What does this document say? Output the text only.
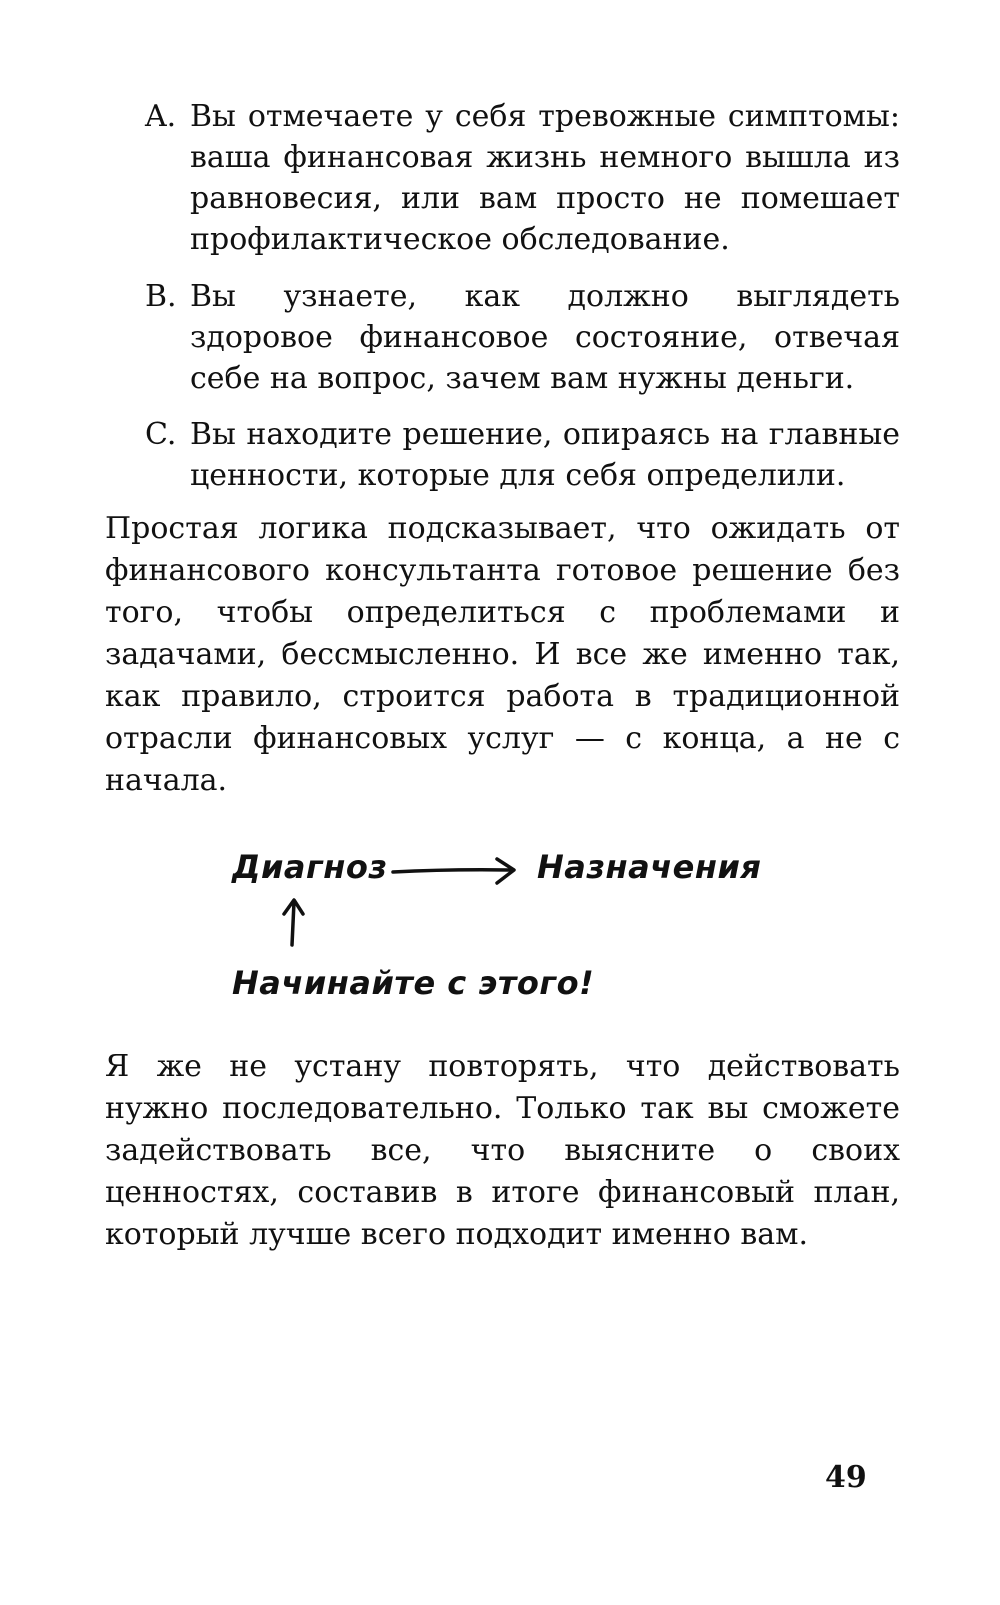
A. Вы отмечаете у себя тревожные симптомы: ваша финансовая жизнь немного вышла из равновесия, или вам просто не помешает профилактическое обследование.
B. Вы узнаете, как должно выглядеть здоровое финансовое состояние, отвечая себе на вопрос, зачем вам нужны деньги.
C. Вы находите решение, опираясь на главные ценности, которые для себя определили.

Простая логика подсказывает, что ожидать от финансового консультанта готовое решение без того, чтобы определиться с проблемами и задачами, бессмысленно. И все же именно так, как правило, строится работа в традиционной отрасли финансовых услуг — с конца, а не с начала.

Диагноз	Назначения
Начинайте с этого!

Я же не устану повторять, что действовать нужно последовательно. Только так вы сможете задействовать все, что выясните о своих ценностях, составив в итоге финансовый план, который лучше всего подходит именно вам.

49
